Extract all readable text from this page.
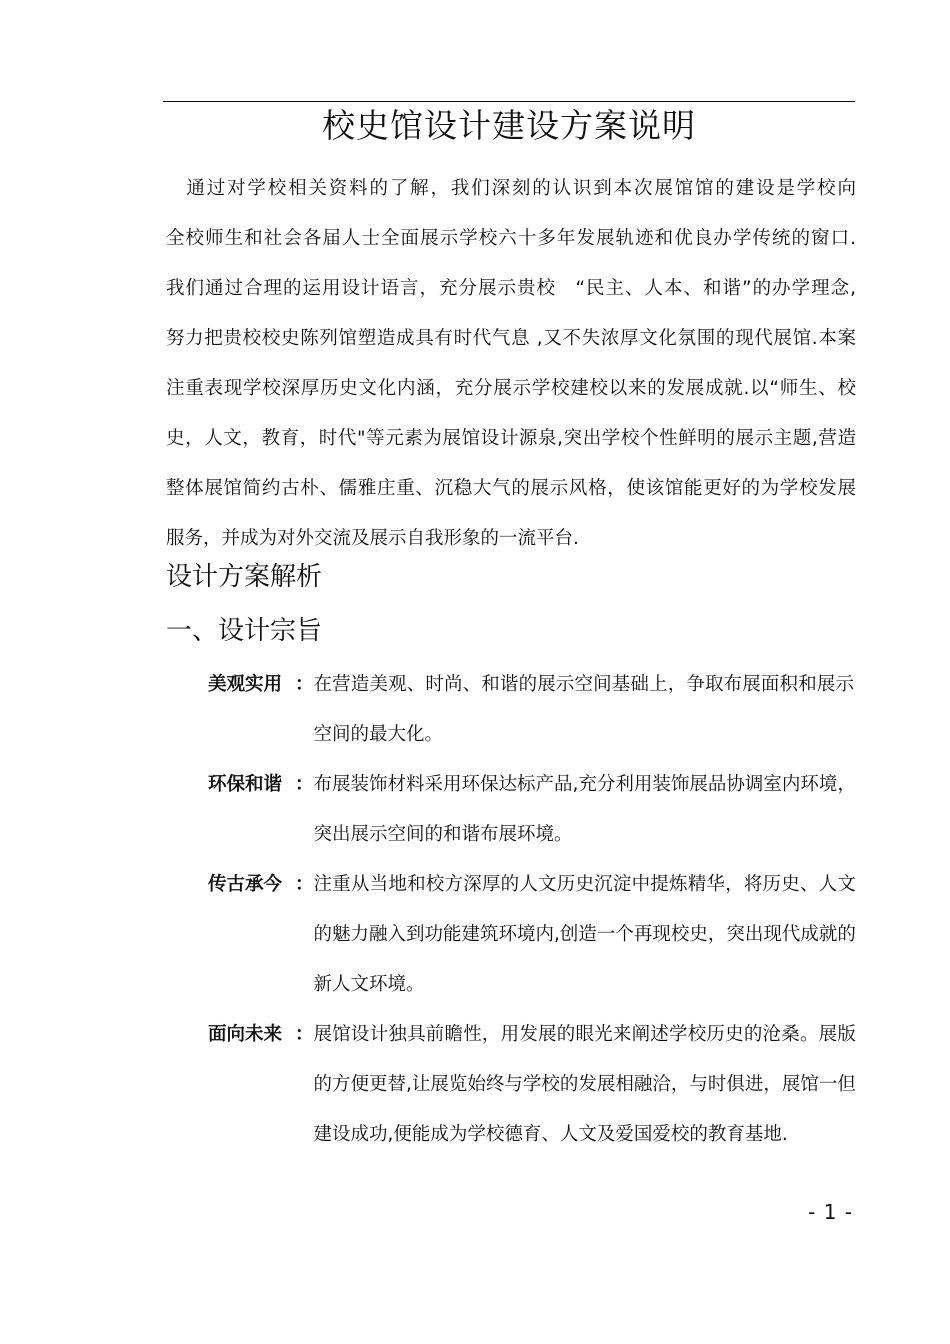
校史馆设计建设方案说明
　通过对学校相关资料的了解，我们深刻的认识到本次展馆馆的建设是学校向
全校师生和社会各届人士全面展示学校六十多年发展轨迹和优良办学传统的窗口.
我们通过合理的运用设计语言，充分展示贵校　“民主、人本、和谐”的办学理念,
努力把贵校校史陈列馆塑造成具有时代气息 ,又不失浓厚文化氛围的现代展馆.本案
注重表现学校深厚历史文化内涵，充分展示学校建校以来的发展成就.以“师生、校
史，人文，教育，时代"等元素为展馆设计源泉,突出学校个性鲜明的展示主题,营造
整体展馆简约古朴、儒雅庄重、沉稳大气的展示风格，使该馆能更好的为学校发展
服务，并成为对外交流及展示自我形象的一流平台.
设计方案解析
一、设计宗旨
美观实用 ： 在营造美观、时尚、和谐的展示空间基础上，争取布展面积和展示
空间的最大化。
环保和谐 ： 布展装饰材料采用环保达标产品,充分利用装饰展品协调室内环境，
突出展示空间的和谐布展环境。
传古承今 ： 注重从当地和校方深厚的人文历史沉淀中提炼精华，将历史、人文
的魅力融入到功能建筑环境内,创造一个再现校史，突出现代成就的
新人文环境。
面向未来 ： 展馆设计独具前瞻性，用发展的眼光来阐述学校历史的沧桑。展版
的方便更替,让展览始终与学校的发展相融洽，与时俱进，展馆一但
建设成功,便能成为学校德育、人文及爱国爱校的教育基地.
- 1 -
